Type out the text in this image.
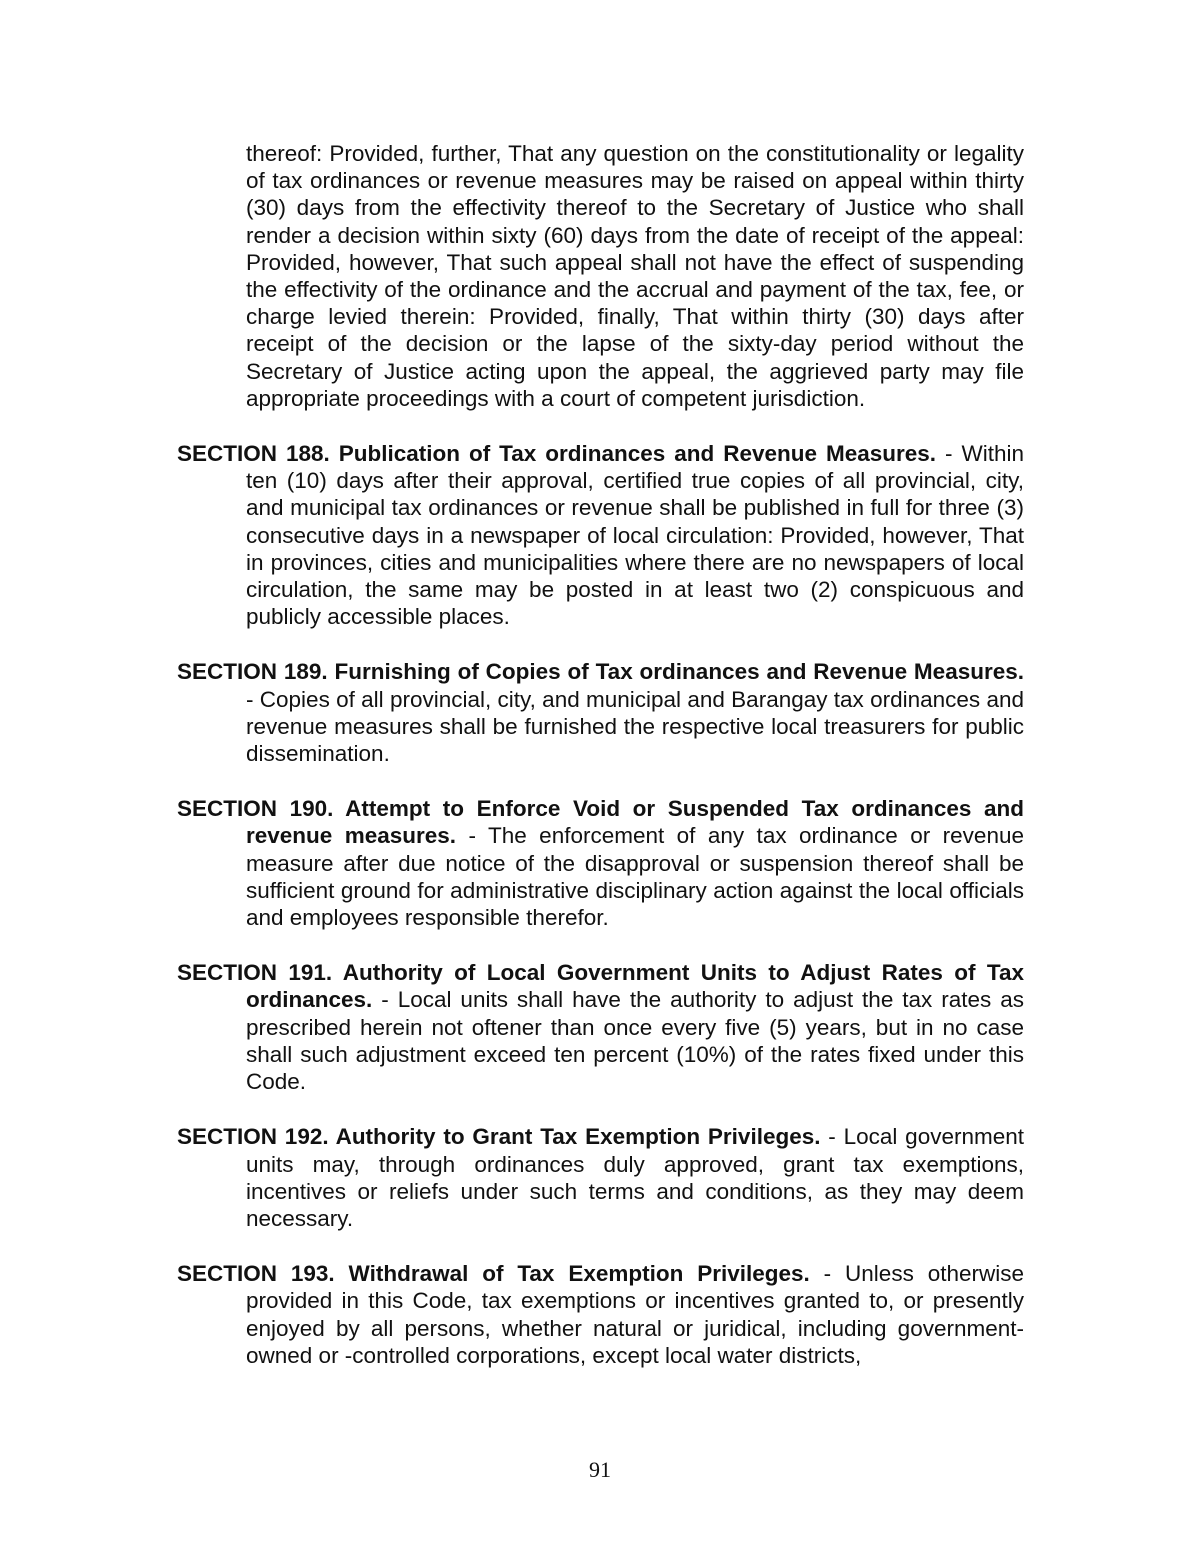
thereof: Provided, further, That any question on the constitutionality or legality of tax ordinances or revenue measures may be raised on appeal within thirty (30) days from the effectivity thereof to the Secretary of Justice who shall render a decision within sixty (60) days from the date of receipt of the appeal: Provided, however, That such appeal shall not have the effect of suspending the effectivity of the ordinance and the accrual and payment of the tax, fee, or charge levied therein: Provided, finally, That within thirty (30) days after receipt of the decision or the lapse of the sixty-day period without the Secretary of Justice acting upon the appeal, the aggrieved party may file appropriate proceedings with a court of competent jurisdiction.

SECTION 188. Publication of Tax ordinances and Revenue Measures. - Within ten (10) days after their approval, certified true copies of all provincial, city, and municipal tax ordinances or revenue shall be published in full for three (3) consecutive days in a newspaper of local circulation: Provided, however, That in provinces, cities and municipalities where there are no newspapers of local circulation, the same may be posted in at least two (2) conspicuous and publicly accessible places.

SECTION 189. Furnishing of Copies of Tax ordinances and Revenue Measures. - Copies of all provincial, city, and municipal and Barangay tax ordinances and revenue measures shall be furnished the respective local treasurers for public dissemination.

SECTION 190. Attempt to Enforce Void or Suspended Tax ordinances and revenue measures. - The enforcement of any tax ordinance or revenue measure after due notice of the disapproval or suspension thereof shall be sufficient ground for administrative disciplinary action against the local officials and employees responsible therefor.

SECTION 191. Authority of Local Government Units to Adjust Rates of Tax ordinances. - Local units shall have the authority to adjust the tax rates as prescribed herein not oftener than once every five (5) years, but in no case shall such adjustment exceed ten percent (10%) of the rates fixed under this Code.

SECTION 192. Authority to Grant Tax Exemption Privileges. - Local government units may, through ordinances duly approved, grant tax exemptions, incentives or reliefs under such terms and conditions, as they may deem necessary.

SECTION 193. Withdrawal of Tax Exemption Privileges. - Unless otherwise provided in this Code, tax exemptions or incentives granted to, or presently enjoyed by all persons, whether natural or juridical, including government-owned or -controlled corporations, except local water districts,

91
